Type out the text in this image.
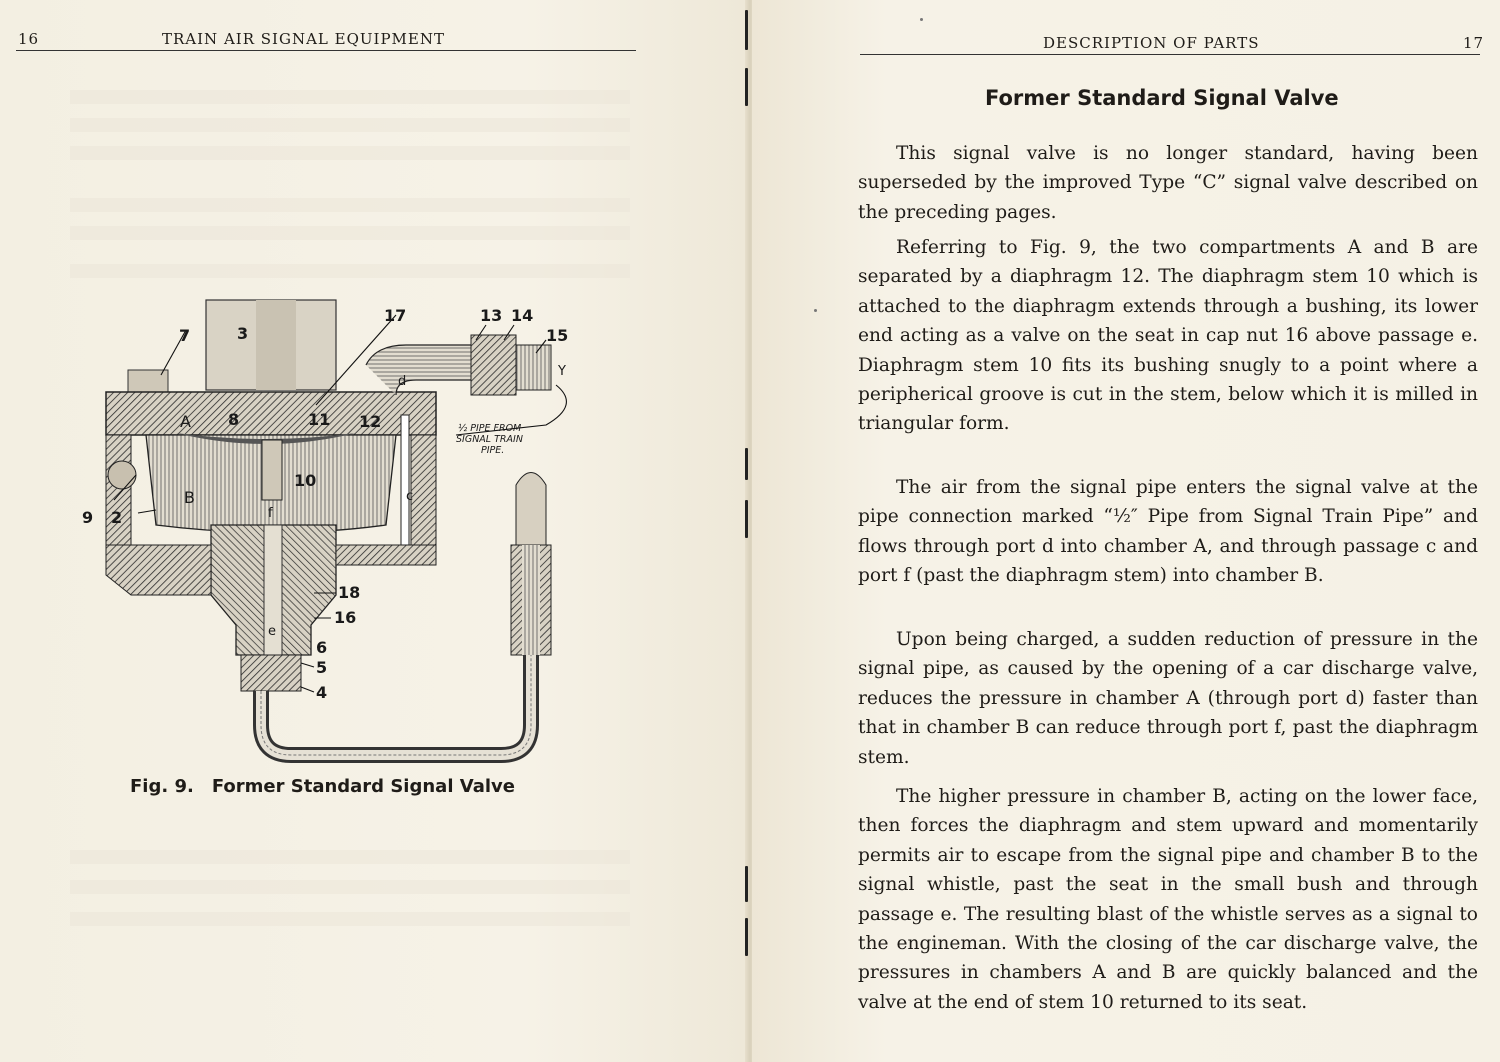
16	TRAIN AIR SIGNAL EQUIPMENT
7	3
17	13 14
15
Y
d
A 8	11 12
10
B	c
9 2	f
18
16
e
6
5
4
½ PIPE FROM
SIGNAL TRAIN
PIPE.
Fig. 9. Former Standard Signal Valve
DESCRIPTION OF PARTS	17
Former Standard Signal Valve

This signal valve is no longer standard, having been superseded by the improved Type “C” signal valve described on the preceding pages.

Referring to Fig. 9, the two compartments A and B are separated by a diaphragm 12. The diaphragm stem 10 which is attached to the diaphragm extends through a bushing, its lower end acting as a valve on the seat in cap nut 16 above passage e. Diaphragm stem 10 fits its bushing snugly to a point where a peripherical groove is cut in the stem, below which it is milled in triangular form.

The air from the signal pipe enters the signal valve at the pipe connection marked “½″ Pipe from Signal Train Pipe” and flows through port d into chamber A, and through passage c and port f (past the diaphragm stem) into chamber B.

Upon being charged, a sudden reduction of pressure in the signal pipe, as caused by the opening of a car discharge valve, reduces the pressure in chamber A (through port d) faster than that in chamber B can reduce through port f, past the diaphragm stem.

The higher pressure in chamber B, acting on the lower face, then forces the diaphragm and stem upward and momentarily permits air to escape from the signal pipe and chamber B to the signal whistle, past the seat in the small bush and through passage e. The resulting blast of the whistle serves as a signal to the engineman. With the closing of the car discharge valve, the pressures in chambers A and B are quickly balanced and the valve at the end of stem 10 returned to its seat.
